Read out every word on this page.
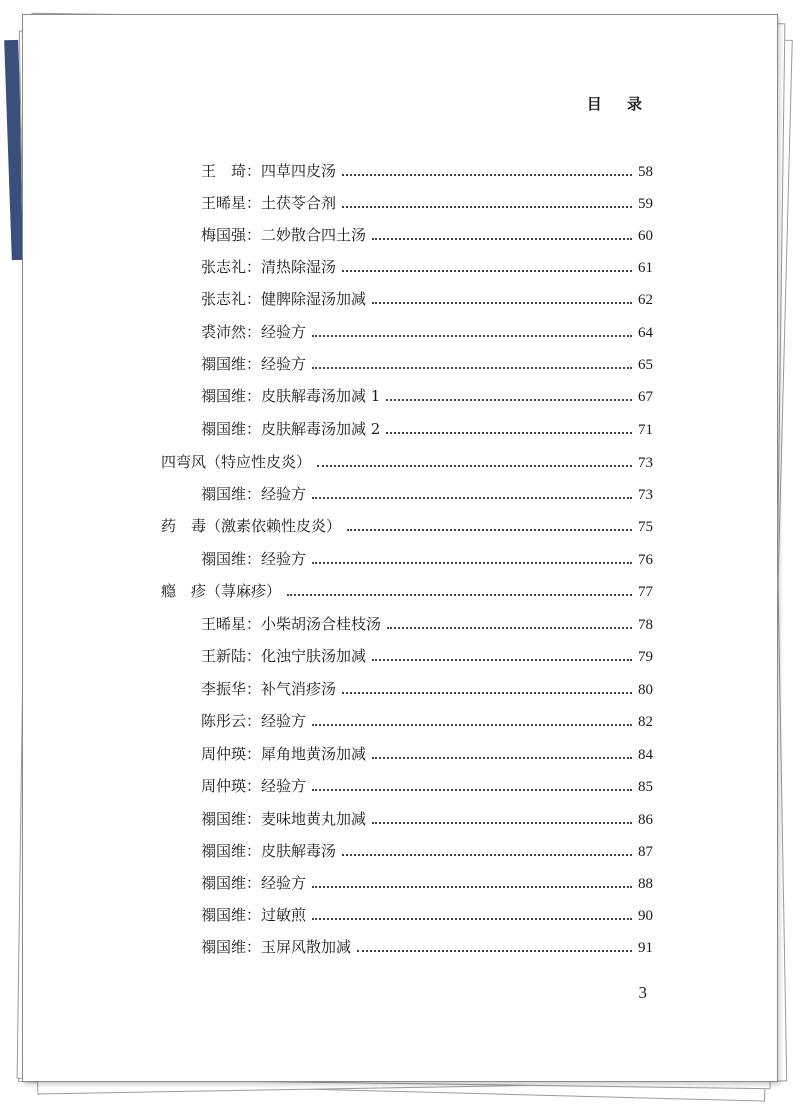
目 录
王　琦：四草四皮汤	58
王晞星：土茯苓合剂	59
梅国强：二妙散合四土汤	60
张志礼：清热除湿汤	61
张志礼：健脾除湿汤加减	62
裘沛然：经验方	64
禤国维：经验方	65
禤国维：皮肤解毒汤加减 1	67
禤国维：皮肤解毒汤加减 2	71
四弯风（特应性皮炎）	73
禤国维：经验方	73
药　毒（激素依赖性皮炎）	75
禤国维：经验方	76
瘾　疹（荨麻疹）	77
王晞星：小柴胡汤合桂枝汤	78
王新陆：化浊宁肤汤加减	79
李振华：补气消疹汤	80
陈彤云：经验方	82
周仲瑛：犀角地黄汤加减	84
周仲瑛：经验方	85
禤国维：麦味地黄丸加减	86
禤国维：皮肤解毒汤	87
禤国维：经验方	88
禤国维：过敏煎	90
禤国维：玉屏风散加减	91
3
